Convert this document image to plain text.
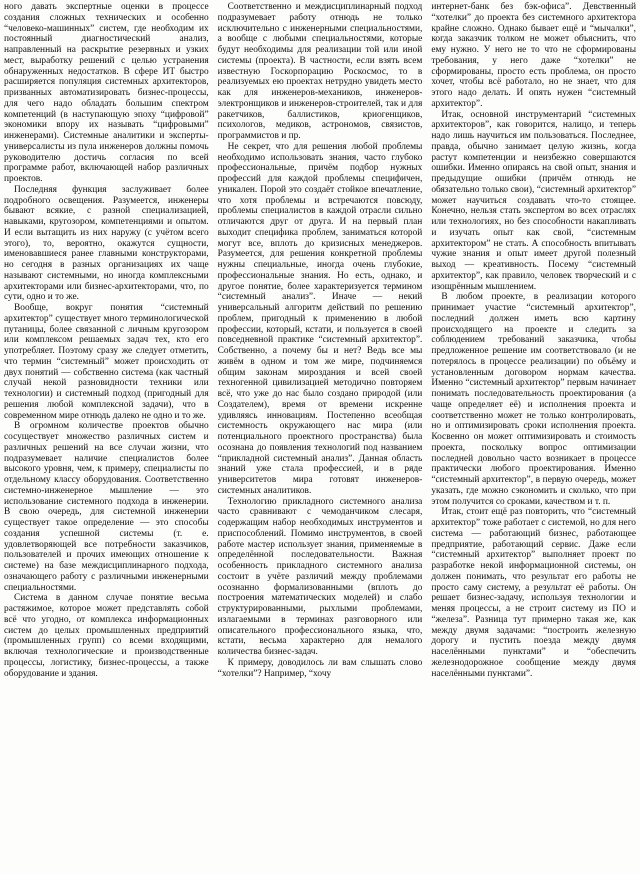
ного давать экспертные оценки в процессе создания сложных технических и особенно “человеко-машинных” систем, где необходим их постоянный диагностический анализ, направленный на раскрытие резервных и узких мест, выработку решений с целью устранения обнаруженных недостатков. В сфере ИТ быстро расширяется популяция системных архитекторов, призванных автоматизировать бизнес-процессы, для чего надо обладать большим спектром компетенций (в наступающую эпоху “цифровой” экономики впору их называть “цифровыми” инженерами). Системные аналитики и эксперты-универсалисты из пула инженеров должны помочь руководителю достичь согласия по всей программе работ, включающей набор различных проектов.

Последняя функция заслуживает более подробного освещения. Разумеется, инженеры бывают всякие, с разной специализацией, навыками, кругозором, компетенциями и опытом. И если вытащить из них наружу (с учётом всего этого), то, вероятно, окажутся сущности, именовавшиеся ранее главными конструкторами, но сегодня в разных организациях их чаще называют системными, но иногда комплексными архитекторами или бизнес-архитекторами, что, по сути, одно и то же.

Вообще, вокруг понятия “системный архитектор” существует много терминологической путаницы, более связанной с личным кругозором или комплексом решаемых задач тех, кто его употребляет. Поэтому сразу же следует отметить, что термин “системный” может происходить от двух понятий — собственно система (как частный случай некой разновидности техники или технологии) и системный подход (пригодный для решения любой комплексной задачи), что в современном мире отнюдь далеко не одно и то же.

В огромном количестве проектов обычно сосуществует множество различных систем и различных решений на все случаи жизни, что подразумевает наличие специалистов более высокого уровня, чем, к примеру, специалисты по отдельному классу оборудования. Соответственно системно-инженерное мышление — это использование системного подхода в инженерии. В свою очередь, для системной инженерии существует такое определение — это способы создания успешной системы (т. е. удовлетворяющей все потребности заказчиков, пользователей и прочих имеющих отношение к системе) на базе междисциплинарного подхода, означающего работу с различными инженерными специальностями.

Система в данном случае понятие весьма растяжимое, которое может представлять собой всё что угодно, от комплекса информационных систем до целых промышленных предприятий (промышленных групп) со всеми входящими, включая технологические и производственные процессы, логистику, бизнес-процессы, а также оборудование и здания.

Соответственно и междисциплинарный подход подразумевает работу отнюдь не только исключительно с инженерными специальностями, а вообще с любыми специальностями, которые будут необходимы для реализации той или иной системы (проекта). В частности, если взять всем известную Госкорпорацию Роскосмос, то в реализуемых ею проектах нетрудно увидеть место как для инженеров-механиков, инженеров-электронщиков и инженеров-строителей, так и для ракетчиков, баллистиков, криогенщиков, психологов, медиков, астрономов, связистов, программистов и пр.

Не секрет, что для решения любой проблемы необходимо использовать знания, часто глубоко профессиональные, причём подбор нужных профессий для каждой проблемы специфичен, уникален. Порой это создаёт стойкое впечатление, что хотя проблемы и встречаются повсюду, проблемы специалистов в каждой отрасли сильно отличаются друг от друга. И на первый план выходит специфика проблем, заниматься которой могут все, вплоть до кризисных менеджеров. Разумеется, для решения конкретной проблемы нужны специальные, иногда очень глубокие, профессиональные знания. Но есть, однако, и другое понятие, более характеризуется термином “системный анализ”. Иначе — некий универсальный алгоритм действий по решению проблем, пригодный к применению в любой профессии, который, кстати, и пользуется в своей повседневной практике “системный архитектор”. Собственно, а почему бы и нет? Ведь все мы живём в одном и том же мире, подчиняемся общим законам мироздания и всей своей техногенной цивилизацией методично повторяем всё, что уже до нас было создано природой (или Создателем), время от времени искренне удивляясь инновациям. Постепенно всеобщая системность окружающего нас мира (или потенциального проектного пространства) была осознана до появления технологий под названием “прикладной системный анализ”. Данная область знаний уже стала профессией, и в ряде университетов мира готовят инженеров-системных аналитиков.

Технологию прикладного системного анализа часто сравнивают с чемоданчиком слесаря, содержащим набор необходимых инструментов и приспособлений. Помимо инструментов, в своей работе мастер использует знания, применяемые в определённой последовательности. Важная особенность прикладного системного анализа состоит в учёте различий между проблемами осознанно формализованными (вплоть до построения математических моделей) и слабо структурированными, рыхлыми проблемами, излагаемыми в терминах разговорного или описательного профессионального языка, что, кстати, весьма характерно для немалого количества бизнес-задач.

К примеру, доводилось ли вам слышать слово “хотелки”? Например, “хочу

интернет-банк без бэк-офиса”. Девственный “хотелки” до проекта без системного архитектора крайне сложно. Однако бывает ещё и “мычалки”, когда заказчик толком не может объяснить, что ему нужно. У него не то что не сформированы требования, у него даже “хотелки” не сформированы, просто есть проблема, он просто хочет, чтобы всё работало, но не знает, что для этого надо делать. И опять нужен “системный архитектор”.

Итак, основной инструментарий “системных архитекторов”, как говорится, налицо, и теперь надо лишь научиться им пользоваться. Последнее, правда, обычно занимает целую жизнь, когда растут компетенции и неизбежно совершаются ошибки. Именно опираясь на свой опыт, знания и предыдущие ошибки (причём отнюдь не обязательно только свои), “системный архитектор” может научиться создавать что-то стоящее. Конечно, нельзя стать экспертом во всех отраслях или технологиях, но без способности накапливать и изучать опыт как свой, “системным архитектором” не стать. А способность впитывать чужие знания и опыт имеет другой полезный выход — креативность. Посему “системный архитектор”, как правило, человек творческий и с изощрённым мышлением.

В любом проекте, в реализации которого принимает участие “системный архитектор”, последний должен иметь всю картину происходящего на проекте и следить за соблюдением требований заказчика, чтобы предложенное решение им соответствовало (и не потерялось в процессе реализации) по объёму и установленным договором нормам качества. Именно “системный архитектор” первым начинает понимать последовательность проектирования (а чаще определяет её) и исполнения проекта и соответственно может не только контролировать, но и оптимизировать сроки исполнения проекта. Косвенно он может оптимизировать и стоимость проекта, поскольку вопрос оптимизации последней довольно часто возникает в процессе практически любого проектирования. Именно “системный архитектор”, в первую очередь, может указать, где можно сэкономить и сколько, что при этом получится со сроками, качеством и т. п.

Итак, стоит ещё раз повторить, что “системный архитектор” тоже работает с системой, но для него система — работающий бизнес, работающее предприятие, работающий сервис. Даже если “системный архитектор” выполняет проект по разработке некой информационной системы, он должен понимать, что результат его работы не просто саму систему, а результат её работы. Он решает бизнес-задачу, используя технологии и меняя процессы, а не строит систему из ПО и “железа”. Разница тут примерно такая же, как между двумя задачами: “построить железную дорогу и пустить поезда между двумя населёнными пунктами” и “обеспечить железнодорожное сообщение между двумя населёнными пунктами”.
